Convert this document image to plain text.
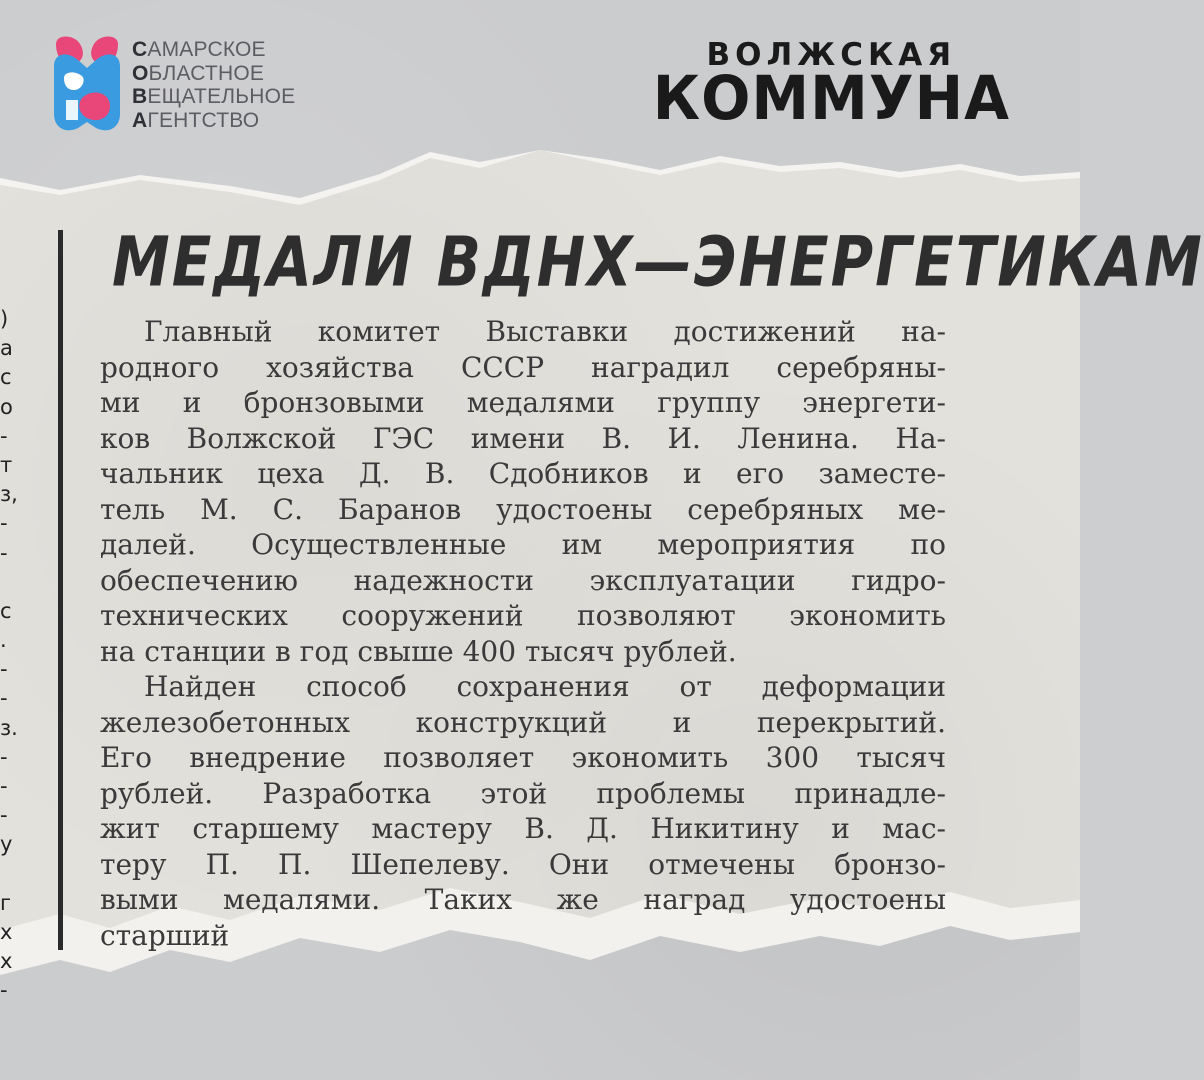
САМАРСКОЕ
ОБЛАСТНОЕ
ВЕЩАТЕЛЬНОЕ
АГЕНТСТВО
ВОЛЖСКАЯ
КОММУНА
)
а
с
о
-
т
з,
-
-
с
.
-
-
з.
-
-
-
у
г
х
х
-
МЕДАЛИ ВДНХ—ЭНЕРГЕТИКАМ
Главный комитет Выставки достижений на-
родного хозяйства СССР наградил серебряны-
ми и бронзовыми медалями группу энергети-
ков Волжской ГЭС имени В. И. Ленина. На-
чальник цеха Д. В. Сдобников и его заместе-
тель М. С. Баранов удостоены серебряных ме-
далей. Осуществленные им мероприятия по
обеспечению надежности эксплуатации гидро-
технических сооружений позволяют экономить
на станции в год свыше 400 тысяч рублей.
Найден способ сохранения от деформации
железобетонных конструкций и перекрытий.
Его внедрение позволяет экономить 300 тысяч
рублей. Разработка этой проблемы принадле-
жит старшему мастеру В. Д. Никитину и мас-
теру П. П. Шепелеву. Они отмечены бронзо-
выми медалями. Таких же наград удостоены
старший
